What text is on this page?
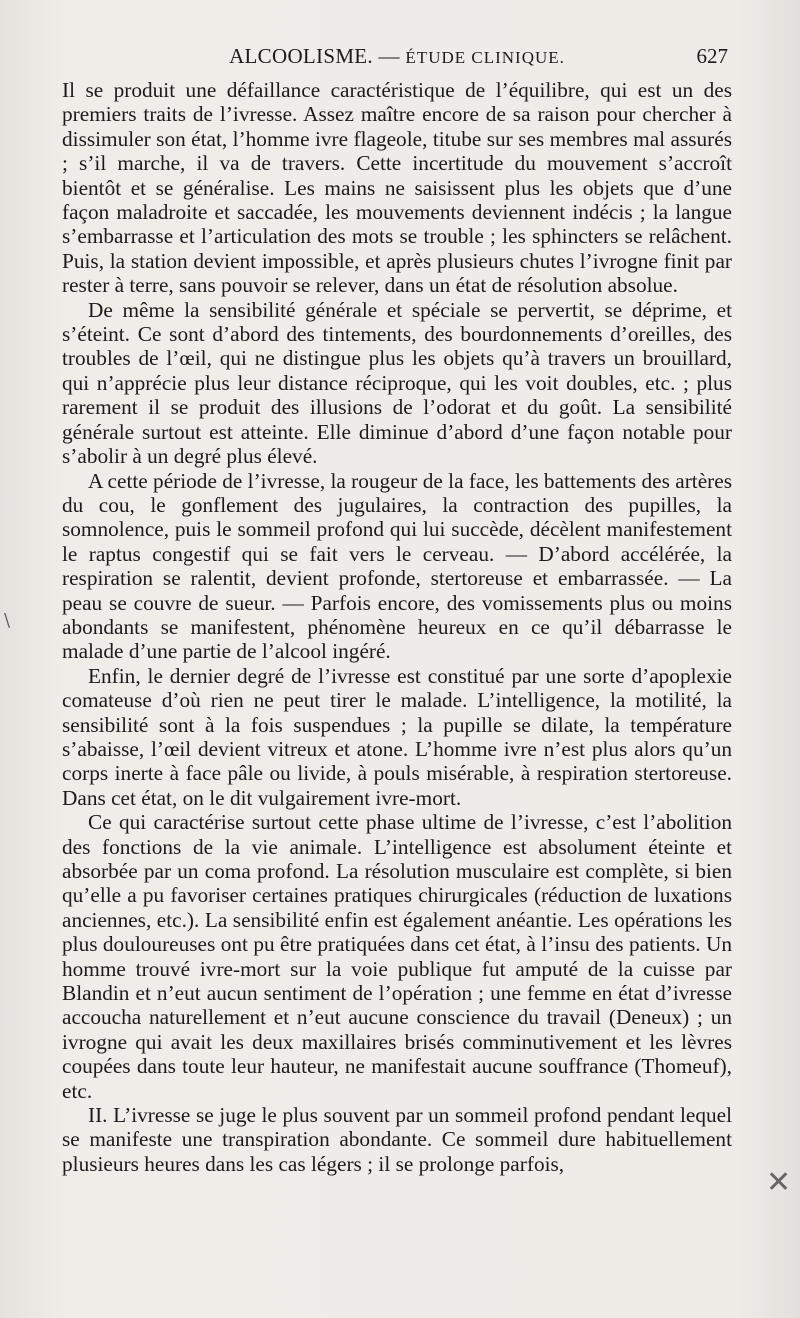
ALCOOLISME. — ÉTUDE CLINIQUE.	627

Il se produit une défaillance caractéristique de l’équilibre, qui est un des premiers traits de l’ivresse. Assez maître encore de sa raison pour chercher à dissimuler son état, l’homme ivre flageole, titube sur ses membres mal assurés ; s’il marche, il va de travers. Cette incertitude du mouvement s’accroît bientôt et se généralise. Les mains ne saisissent plus les objets que d’une façon maladroite et saccadée, les mouvements deviennent indécis ; la langue s’embarrasse et l’articulation des mots se trouble ; les sphincters se relâchent. Puis, la station devient impossible, et après plusieurs chutes l’ivrogne finit par rester à terre, sans pouvoir se relever, dans un état de résolution absolue.

De même la sensibilité générale et spéciale se pervertit, se déprime, et s’éteint. Ce sont d’abord des tintements, des bourdonnements d’oreilles, des troubles de l’œil, qui ne distingue plus les objets qu’à travers un brouillard, qui n’apprécie plus leur distance réciproque, qui les voit doubles, etc. ; plus rarement il se produit des illusions de l’odorat et du goût. La sensibilité générale surtout est atteinte. Elle diminue d’abord d’une façon notable pour s’abolir à un degré plus élevé.

A cette période de l’ivresse, la rougeur de la face, les battements des artères du cou, le gonflement des jugulaires, la contraction des pupilles, la somnolence, puis le sommeil profond qui lui succède, décèlent manifestement le raptus congestif qui se fait vers le cerveau. — D’abord accélérée, la respiration se ralentit, devient profonde, stertoreuse et embarrassée. — La peau se couvre de sueur. — Parfois encore, des vomissements plus ou moins abondants se manifestent, phénomène heureux en ce qu’il débarrasse le malade d’une partie de l’alcool ingéré.

Enfin, le dernier degré de l’ivresse est constitué par une sorte d’apoplexie comateuse d’où rien ne peut tirer le malade. L’intelligence, la motilité, la sensibilité sont à la fois suspendues ; la pupille se dilate, la température s’abaisse, l’œil devient vitreux et atone. L’homme ivre n’est plus alors qu’un corps inerte à face pâle ou livide, à pouls misérable, à respiration stertoreuse. Dans cet état, on le dit vulgairement ivre-mort.

Ce qui caractérise surtout cette phase ultime de l’ivresse, c’est l’abolition des fonctions de la vie animale. L’intelligence est absolument éteinte et absorbée par un coma profond. La résolution musculaire est complète, si bien qu’elle a pu favoriser certaines pratiques chirurgicales (réduction de luxations anciennes, etc.). La sensibilité enfin est également anéantie. Les opérations les plus douloureuses ont pu être pratiquées dans cet état, à l’insu des patients. Un homme trouvé ivre-mort sur la voie publique fut amputé de la cuisse par Blandin et n’eut aucun sentiment de l’opération ; une femme en état d’ivresse accoucha naturellement et n’eut aucune conscience du travail (Deneux) ; un ivrogne qui avait les deux maxillaires brisés comminutivement et les lèvres coupées dans toute leur hauteur, ne manifestait aucune souffrance (Thomeuf), etc.

II. L’ivresse se juge le plus souvent par un sommeil profond pendant lequel se manifeste une transpiration abondante. Ce sommeil dure habituellement plusieurs heures dans les cas légers ; il se prolonge parfois,

\
✕
